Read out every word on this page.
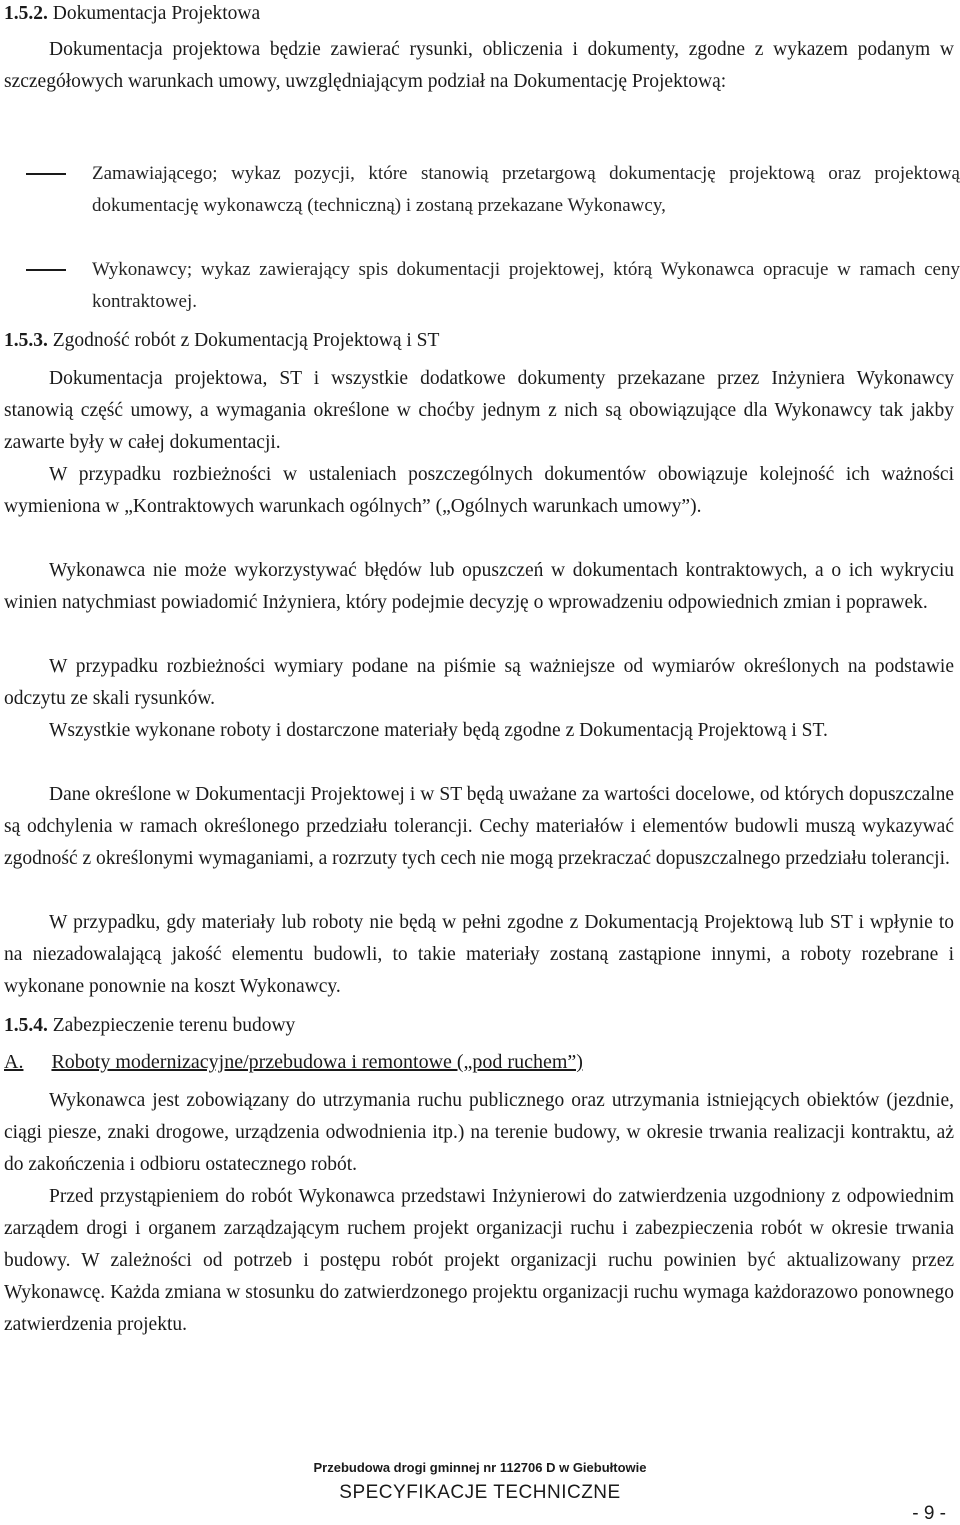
1.5.2. Dokumentacja Projektowa

Dokumentacja projektowa będzie zawierać rysunki, obliczenia i dokumenty, zgodne z wykazem podanym w szczegółowych warunkach umowy, uwzględniającym podział na Dokumentację Projektową:

Zamawiającego; wykaz pozycji, które stanowią przetargową dokumentację projektową oraz projektową dokumentację wykonawczą (techniczną) i zostaną przekazane Wykonawcy,
Wykonawcy; wykaz zawierający spis dokumentacji projektowej, którą Wykonawca opracuje w ramach ceny kontraktowej.
1.5.3. Zgodność robót z Dokumentacją Projektową i ST

Dokumentacja projektowa, ST i wszystkie dodatkowe dokumenty przekazane przez Inżyniera Wykonawcy stanowią część umowy, a wymagania określone w choćby jednym z nich są obowiązujące dla Wykonawcy tak jakby zawarte były w całej dokumentacji.

W przypadku rozbieżności w ustaleniach poszczególnych dokumentów obowiązuje kolejność ich ważności wymieniona w „Kontraktowych warunkach ogólnych” („Ogólnych warunkach umowy”).

Wykonawca nie może wykorzystywać błędów lub opuszczeń w dokumentach kontraktowych, a o ich wykryciu winien natychmiast powiadomić Inżyniera, który podejmie decyzję o wprowadzeniu odpowiednich zmian i poprawek.

W przypadku rozbieżności wymiary podane na piśmie są ważniejsze od wymiarów określonych na podstawie odczytu ze skali rysunków.

Wszystkie wykonane roboty i dostarczone materiały będą zgodne z Dokumentacją Projektową i ST.

Dane określone w Dokumentacji Projektowej i w ST będą uważane za wartości docelowe, od których dopuszczalne są odchylenia w ramach określonego przedziału tolerancji. Cechy materiałów i elementów budowli muszą wykazywać zgodność z określonymi wymaganiami, a rozrzuty tych cech nie mogą przekraczać dopuszczalnego przedziału tolerancji.

W przypadku, gdy materiały lub roboty nie będą w pełni zgodne z Dokumentacją Projektową lub ST i wpłynie to na niezadowalającą jakość elementu budowli, to takie materiały zostaną zastąpione innymi, a roboty rozebrane i wykonane ponownie na koszt Wykonawcy.

1.5.4. Zabezpieczenie terenu budowy
A. Roboty modernizacyjne/przebudowa i remontowe („pod ruchem”)

Wykonawca jest zobowiązany do utrzymania ruchu publicznego oraz utrzymania istniejących obiektów (jezdnie, ciągi piesze, znaki drogowe, urządzenia odwodnienia itp.) na terenie budowy, w okresie trwania realizacji kontraktu, aż do zakończenia i odbioru ostatecznego robót.

Przed przystąpieniem do robót Wykonawca przedstawi Inżynierowi do zatwierdzenia uzgodniony z odpowiednim zarządem drogi i organem zarządzającym ruchem projekt organizacji ruchu i zabezpieczenia robót w okresie trwania budowy. W zależności od potrzeb i postępu robót projekt organizacji ruchu powinien być aktualizowany przez Wykonawcę. Każda zmiana w stosunku do zatwierdzonego projektu organizacji ruchu wymaga każdorazowo ponownego zatwierdzenia projektu.

Przebudowa drogi gminnej nr 112706 D w Giebułtowie
SPECYFIKACJE TECHNICZNE
- 9 -
